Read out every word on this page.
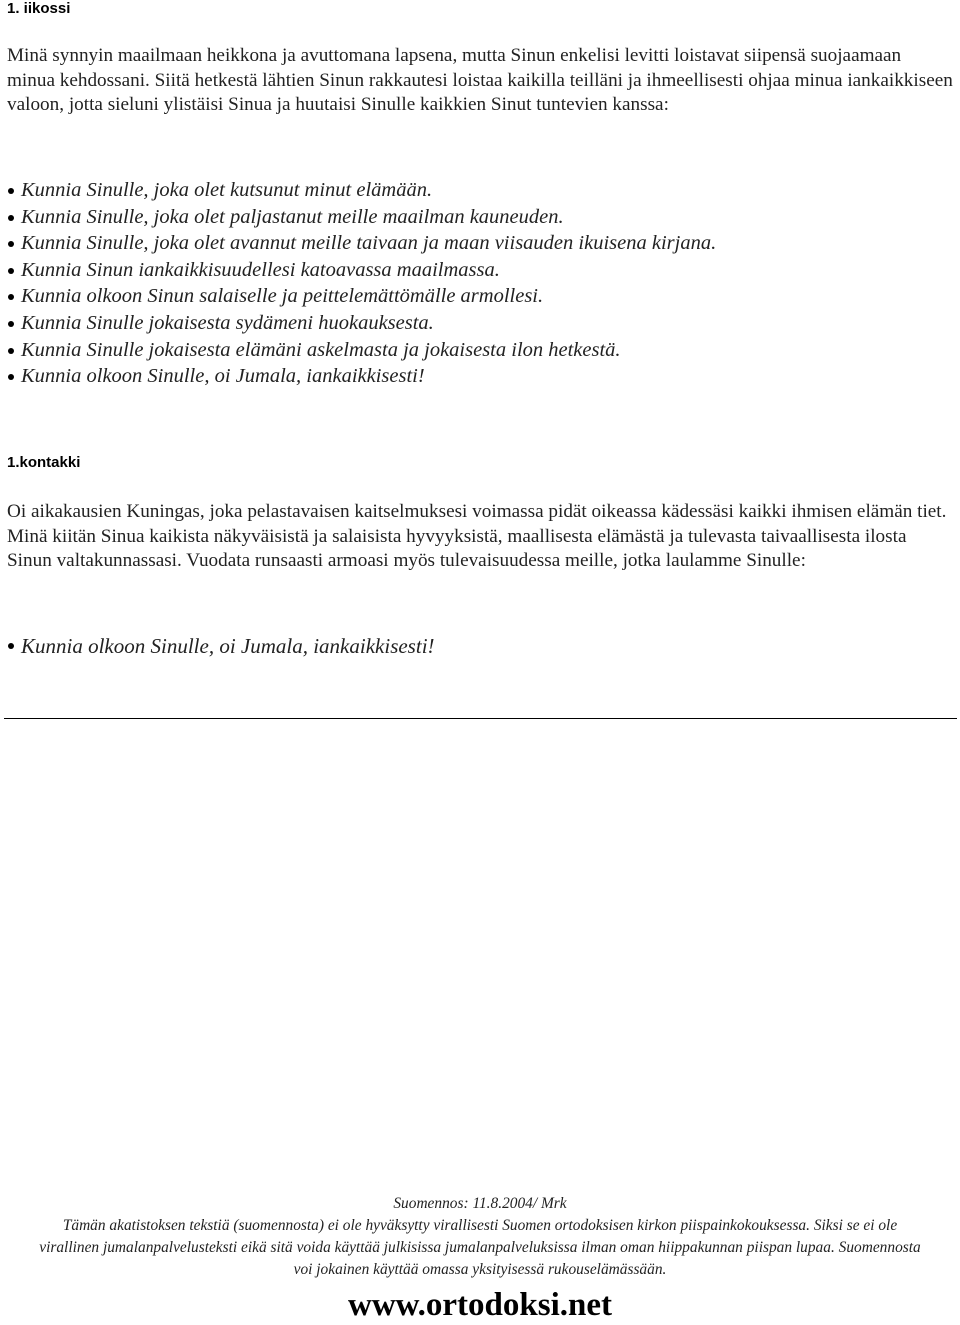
1. iikossi

Minä synnyin maailmaan heikkona ja avuttomana lapsena, mutta Sinun enkelisi levitti loistavat siipensä suojaamaan minua kehdossani. Siitä hetkestä lähtien Sinun rakkautesi loistaa kaikilla teilläni ja ihmeellisesti ohjaa minua iankaikkiseen valoon, jotta sieluni ylistäisi Sinua ja huutaisi Sinulle kaikkien Sinut tuntevien kanssa:

Kunnia Sinulle, joka olet kutsunut minut elämään.
Kunnia Sinulle, joka olet paljastanut meille maailman kauneuden.
Kunnia Sinulle, joka olet avannut meille taivaan ja maan viisauden ikuisena kirjana.
Kunnia Sinun iankaikkisuudellesi katoavassa maailmassa.
Kunnia olkoon Sinun salaiselle ja peittelemättömälle armollesi.
Kunnia Sinulle jokaisesta sydämeni huokauksesta.
Kunnia Sinulle jokaisesta elämäni askelmasta ja jokaisesta ilon hetkestä.
Kunnia olkoon Sinulle, oi Jumala, iankaikkisesti!
1.kontakki

Oi aikakausien Kuningas, joka pelastavaisen kaitselmuksesi voimassa pidät oikeassa kädessäsi kaikki ihmisen elämän tiet. Minä kiitän Sinua kaikista näkyväisistä ja salaisista hyvyyksistä, maallisesta elämästä ja tulevasta taivaallisesta ilosta Sinun valtakunnassasi. Vuodata runsaasti armoasi myös tulevaisuudessa meille, jotka laulamme Sinulle:

Kunnia olkoon Sinulle, oi Jumala, iankaikkisesti!

Suomennos: 11.8.2004/ Mrk

Tämän akatistoksen tekstiä (suomennosta) ei ole hyväksytty virallisesti Suomen ortodoksisen kirkon piispainkokouksessa. Siksi se ei ole

virallinen jumalanpalvelusteksti eikä sitä voida käyttää julkisissa jumalanpalveluksissa ilman oman hiippakunnan piispan lupaa. Suomennosta

voi jokainen käyttää omassa yksityisessä rukouselämässään.

www.ortodoksi.net
